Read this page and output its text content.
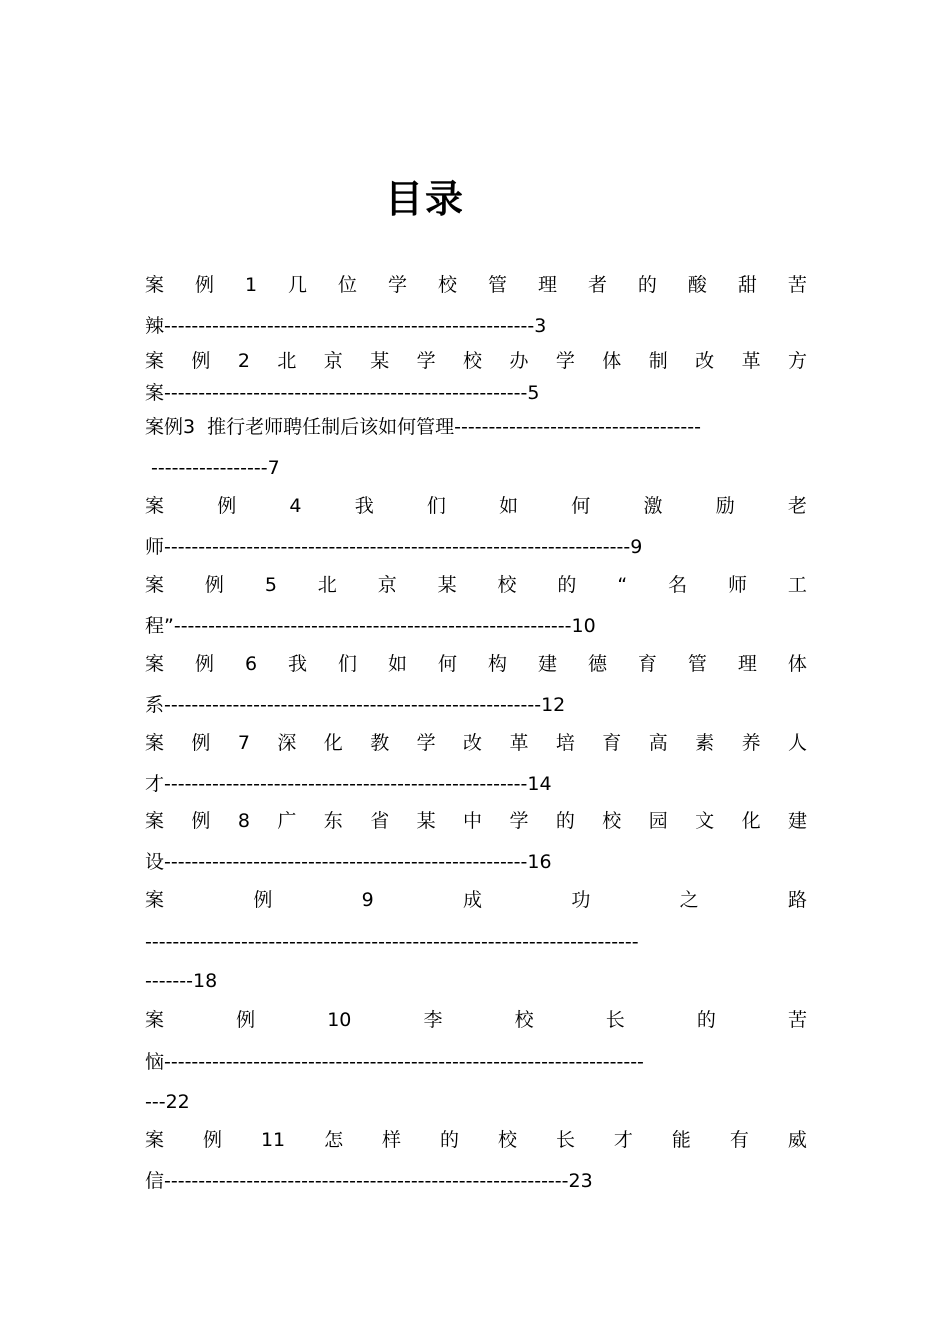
目录
案 例 1 几 位 学 校 管 理 者 的 酸 甜 苦
辣------------------------------------------------------3
案 例 2 北 京 某 学 校 办 学 体 制 改 革 方
案-----------------------------------------------------5
案例3  推行老师聘任制后该如何管理------------------------------------
-----------------7
案	例	4	我	们	如	何	激	励	老
师--------------------------------------------------------------------9
案 例 5 北 京 某 校 的 “ 名 师 工
程”----------------------------------------------------------10
案 例 6 我 们 如 何 构 建 德 育 管 理 体
系-------------------------------------------------------12
案 例 7 深 化 教 学 改 革 培 育 高 素 养 人
才-----------------------------------------------------14
案 例 8 广 东 省 某 中 学 的 校 园 文 化 建
设-----------------------------------------------------16
案	例	9	成	功	之	路
------------------------------------------------------------------------
-------18
案	例	10	李	校	长	的	苦
恼----------------------------------------------------------------------
---22
案 例 11 怎 样 的 校 长 才 能 有 威
信-----------------------------------------------------------23
